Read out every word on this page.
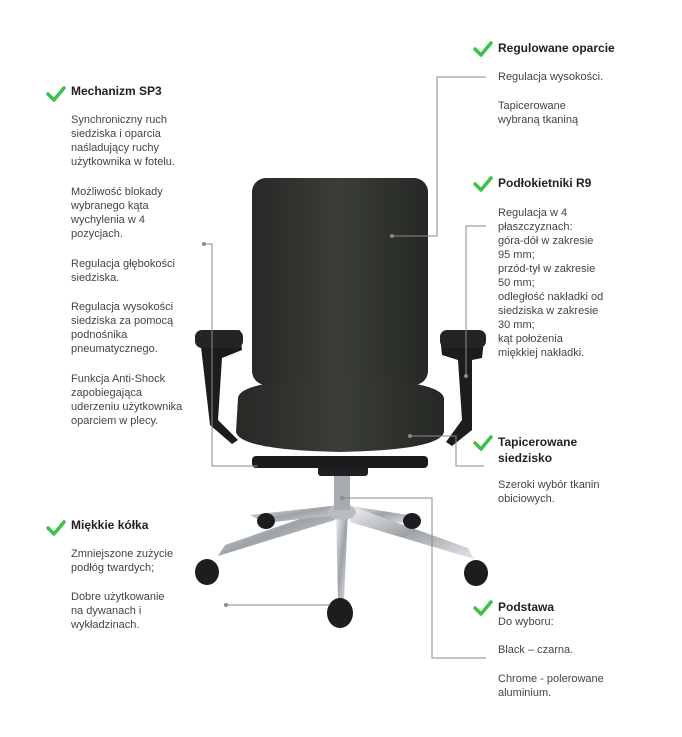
Mechanizm SP3
Synchroniczny ruch
siedziska i oparcia
naśladujący ruchy
użytkownika w fotelu.
Możliwość blokady
wybranego kąta
wychylenia w 4
pozycjach.
Regulacja głębokości
siedziska.
Regulacja wysokości
siedziska za pomocą
podnośnika
pneumatycznego.
Funkcja Anti-Shock
zapobiegająca
uderzeniu użytkownika
oparciem w plecy.
Regulowane oparcie
Regulacja wysokości.
Tapicerowane
wybraną tkaniną
Podłokietniki R9
Regulacja w 4
płaszczyznach:
góra-dół w zakresie
95 mm;
przód-tył w zakresie
50 mm;
odległość nakładki od
siedziska w zakresie
30 mm;
kąt położenia
miękkiej nakładki.
Tapicerowane
siedzisko
Szeroki wybór tkanin
obiciowych.
Miękkie kółka
Zmniejszone zużycie
podłóg twardych;
Dobre użytkowanie
na dywanach i
wykładzinach.
Podstawa
Do wyboru:
Black – czarna.
Chrome - polerowane
aluminium.
